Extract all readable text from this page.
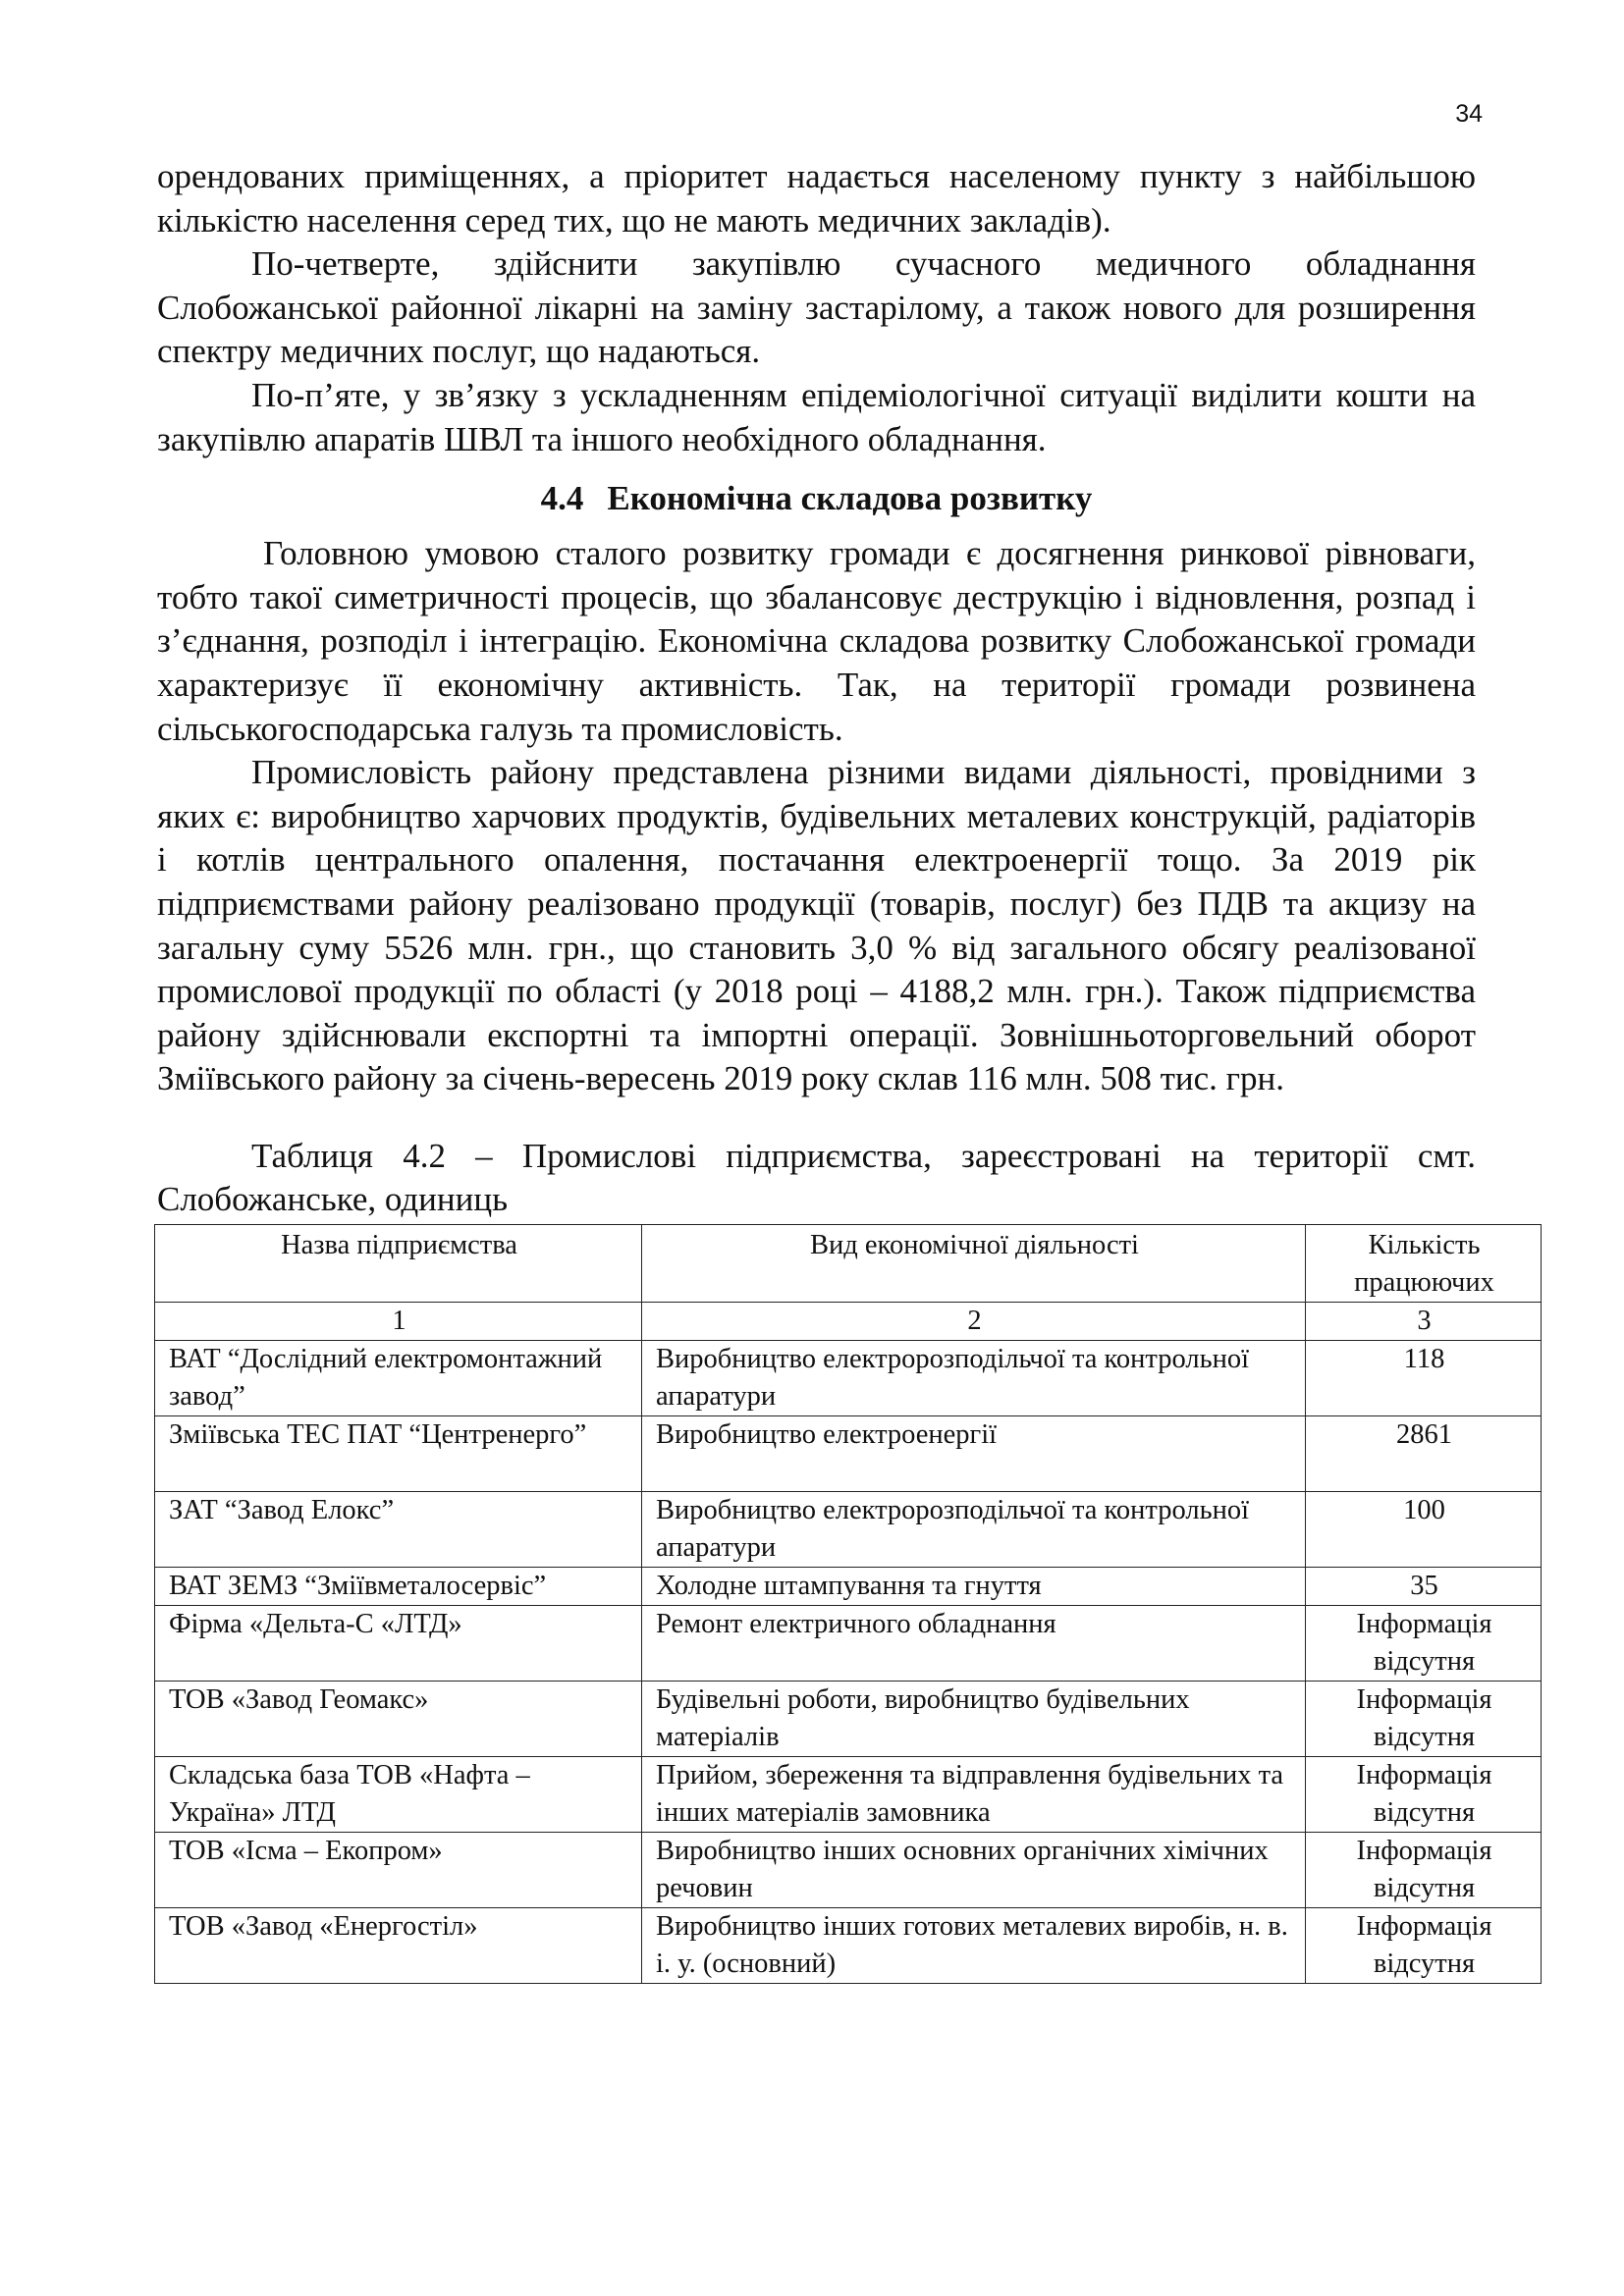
34

орендованих приміщеннях, а пріоритет надається населеному пункту з найбільшою кількістю населення серед тих, що не мають медичних закладів).

По-четверте, здійснити закупівлю сучасного медичного обладнання Слобожанської районної лікарні на заміну застарілому, а також нового для розширення спектру медичних послуг, що надаються.

По-п’яте, у зв’язку з ускладненням епідеміологічної ситуації виділити кошти на закупівлю апаратів ШВЛ та іншого необхідного обладнання.

4.4 Економічна складова розвитку

Головною умовою сталого розвитку громади є досягнення ринкової рівноваги, тобто такої симетричності процесів, що збалансовує деструкцію і відновлення, розпад і з’єднання, розподіл і інтеграцію. Економічна складова розвитку Слобожанської громади характеризує її економічну активність. Так, на території громади розвинена сільськогосподарська галузь та промисловість.

Промисловість району представлена різними видами діяльності, провідними з яких є: виробництво харчових продуктів, будівельних металевих конструкцій, радіаторів і котлів центрального опалення, постачання електроенергії тощо. За 2019 рік підприємствами району реалізовано продукції (товарів, послуг) без ПДВ та акцизу на загальну суму 5526 млн. грн., що становить 3,0 % від загального обсягу реалізованої промислової продукції по області (у 2018 році – 4188,2 млн. грн.). Також підприємства району здійснювали експортні та імпортні операції. Зовнішньоторговельний оборот Зміївського району за січень-вересень 2019 року склав 116 млн. 508 тис. грн.

Таблиця 4.2 – Промислові підприємства, зареєстровані на території смт. Слобожанське, одиниць

Назва підприємства	Вид економічної діяльності	Кількість працюючих
1	2	3
ВАТ “Дослідний електромонтажний завод”	Виробництво електророзподільчої та контрольної апаратури	118
Зміївська ТЕС ПАТ “Центренерго”	Виробництво електроенергії	2861
ЗАТ “Завод Елокс”	Виробництво електророзподільчої та контрольної апаратури	100
ВАТ ЗЕМЗ “Зміївметалосервіс”	Холодне штампування та гнуття	35
Фірма «Дельта-С «ЛТД»	Ремонт електричного обладнання	Інформація відсутня
ТОВ «Завод Геомакс»	Будівельні роботи, виробництво будівельних матеріалів	Інформація відсутня
Складська база ТОВ «Нафта – Україна» ЛТД	Прийом, збереження та відправлення будівельних та інших матеріалів замовника	Інформація відсутня
ТОВ «Ісма – Екопром»	Виробництво інших основних органічних хімічних речовин	Інформація відсутня
ТОВ «Завод «Енергостіл»	Виробництво інших готових металевих виробів, н. в. і. у. (основний)	Інформація відсутня
